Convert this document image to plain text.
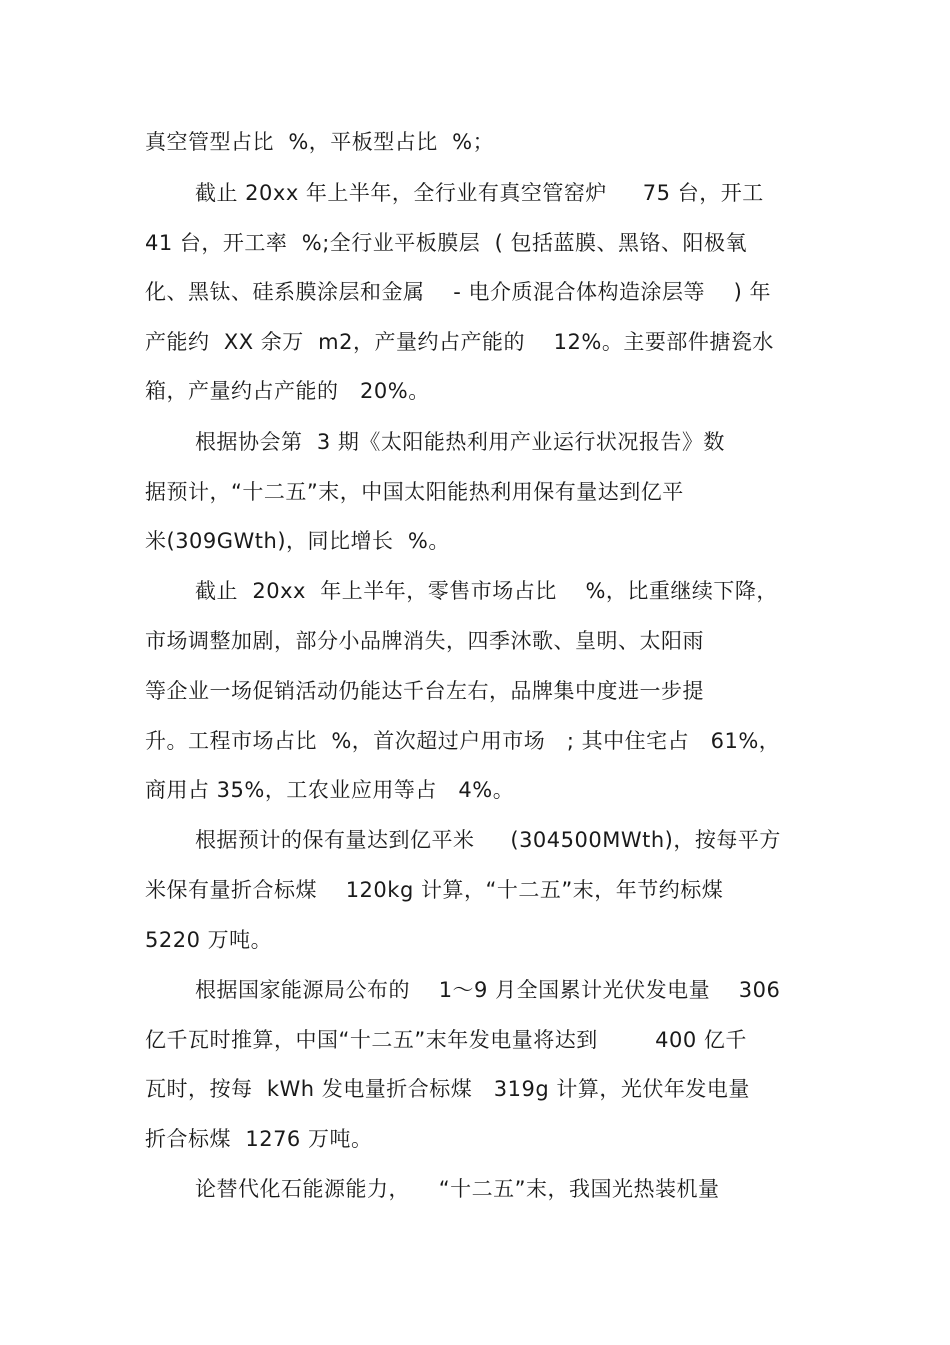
真空管型占比  %，平板型占比  %；
截止 20xx 年上半年，全行业有真空管窑炉     75 台，开工
41 台，开工率  %;全行业平板膜层  ( 包括蓝膜、黑铬、阳极氧
化、黑钛、硅系膜涂层和金属    - 电介质混合体构造涂层等    ) 年
产能约  XX 余万  m2，产量约占产能的    12%。主要部件搪瓷水
箱，产量约占产能的   20%。
根据协会第  3 期《太阳能热利用产业运行状况报告》数
据预计，“十二五”末，中国太阳能热利用保有量达到亿平
米(309GWth)，同比增长  %。
截止  20xx  年上半年，零售市场占比    %，比重继续下降，
市场调整加剧，部分小品牌消失，四季沐歌、皇明、太阳雨
等企业一场促销活动仍能达千台左右，品牌集中度进一步提
升。工程市场占比  %，首次超过户用市场   ; 其中住宅占   61%，
商用占 35%，工农业应用等占   4%。
根据预计的保有量达到亿平米     (304500MWth)，按每平方
米保有量折合标煤    120kg 计算，“十二五”末，年节约标煤
5220 万吨。
根据国家能源局公布的    1～9 月全国累计光伏发电量    306
亿千瓦时推算，中国“十二五”末年发电量将达到        400 亿千
瓦时，按每  kWh 发电量折合标煤   319g 计算，光伏年发电量
折合标煤  1276 万吨。
论替代化石能源能力，    “十二五”末，我国光热装机量
